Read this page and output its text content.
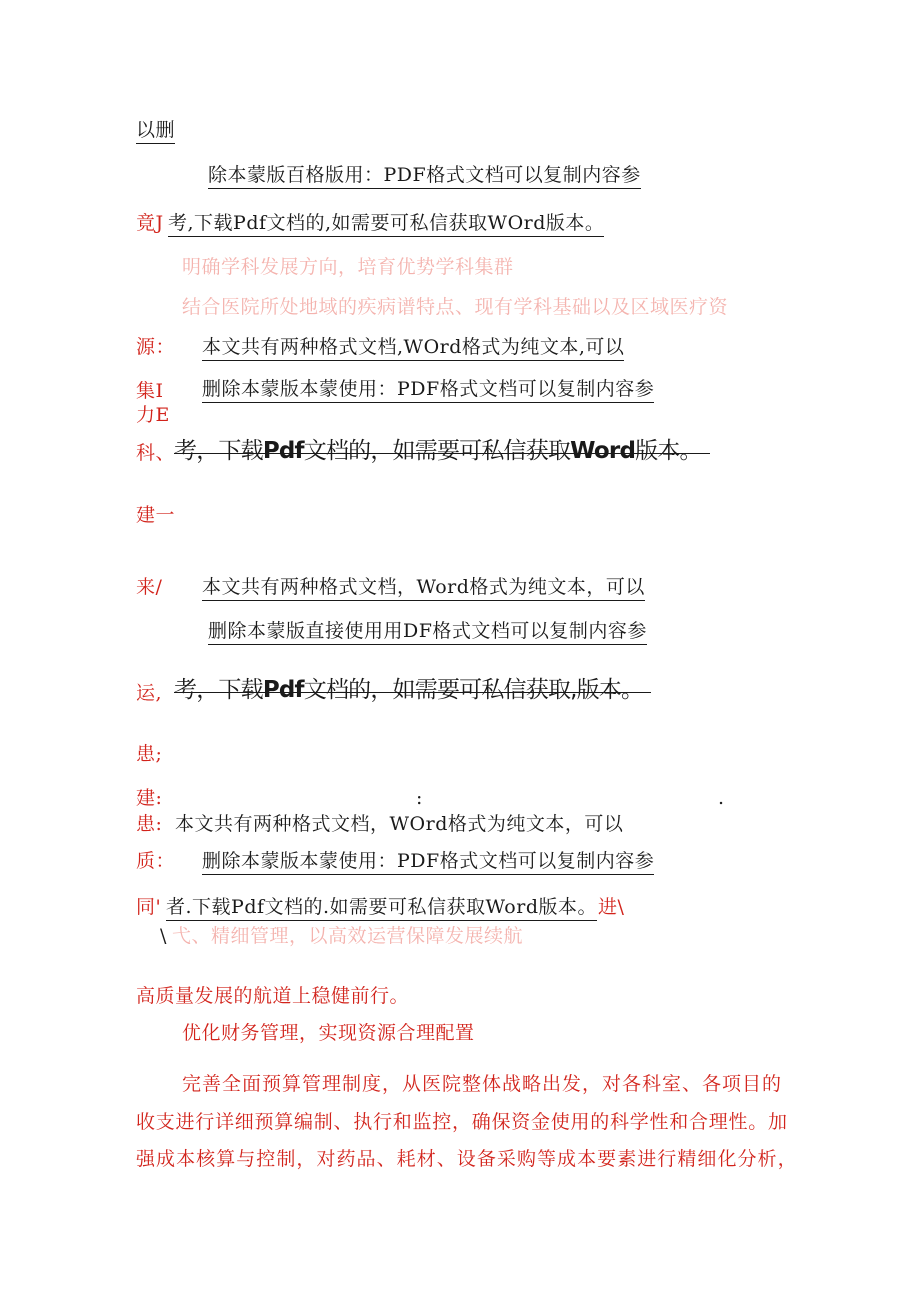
以删
除本蒙版百格版用：PDF格式文档可以复制内容参
竟J 考,下载Pdf文档的,如需要可私信获取WOrd版本。
明确学科发展方向，培育优势学科集群
结合医院所处地域的疾病谱特点、现有学科基础以及区域医疗资
源： 本文共有两种格式文档,WOrd格式为纯文本,可以
集I 删除本蒙版本蒙使用：PDF格式文档可以复制内容参
力E
科、
考，下载Pdf文档的，如需要可私信获取Word版本。
建一
来/ 本文共有两种格式文档，Word格式为纯文本，可以
删除本蒙版直接使用用DF格式文档可以复制内容参
运, 考，下载Pdf文档的，如需要可私信获取,版本。
患;
建:	:	.
患: 本文共有两种格式文档，WOrd格式为纯文本，可以
质： 删除本蒙版本蒙使用：PDF格式文档可以复制内容参
同' 者.下载Pdf文档的.如需要可私信获取Word版本。 进\
\ 弋、精细管理，以高效运营保障发展续航
高质量发展的航道上稳健前行。
优化财务管理，实现资源合理配置
完善全面预算管理制度，从医院整体战略出发，对各科室、各项目的
收支进行详细预算编制、执行和监控，确保资金使用的科学性和合理性。加
强成本核算与控制，对药品、耗材、设备采购等成本要素进行精细化分析，
